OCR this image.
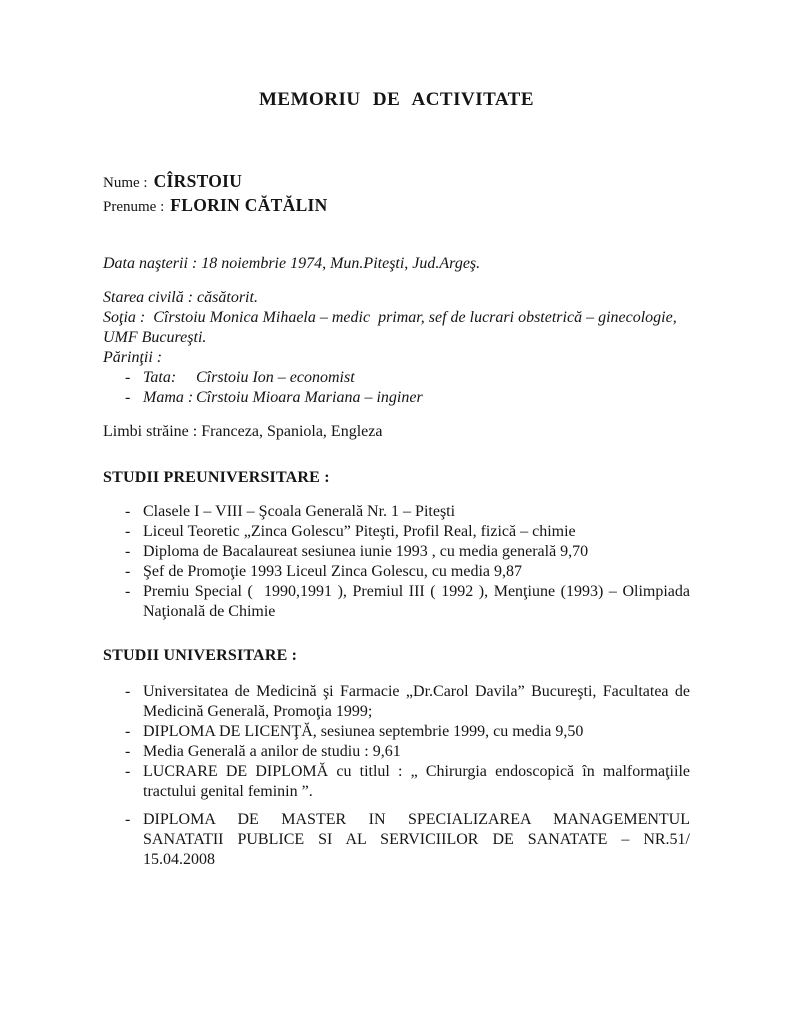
MEMORIU DE ACTIVITATE
Nume : CÎRSTOIU
Prenume : FLORIN CĂTĂLIN
Data naşterii : 18 noiembrie 1974, Mun.Piteşti, Jud.Argeş.
Starea civilă : căsătorit.
Soţia :  Cîrstoiu Monica Mihaela – medic  primar, sef de lucrari obstetrică – ginecologie,
UMF Bucureşti.
Părinţii :
- Tata:	Cîrstoiu Ion – economist
- Mama : Cîrstoiu Mioara Mariana – inginer
Limbi străine : Franceza, Spaniola, Engleza
STUDII PREUNIVERSITARE :
- Clasele I – VIII – Şcoala Generală Nr. 1 – Piteşti
- Liceul Teoretic „Zinca Golescu” Piteşti, Profil Real, fizică – chimie
- Diploma de Bacalaureat sesiunea iunie 1993 , cu media generală 9,70
- Şef de Promoţie 1993 Liceul Zinca Golescu, cu media 9,87
- Premiu Special (  1990,1991 ), Premiul III ( 1992 ), Menţiune (1993) – Olimpiada
Naţională de Chimie
STUDII UNIVERSITARE :
- Universitatea de Medicină şi Farmacie „Dr.Carol Davila” Bucureşti, Facultatea de
Medicină Generală, Promoţia 1999;
- DIPLOMA DE LICENŢĂ, sesiunea septembrie 1999, cu media 9,50
- Media Generală a anilor de studiu : 9,61
- LUCRARE DE DIPLOMĂ cu titlul : „ Chirurgia endoscopică în malformaţiile
tractului genital feminin ”.
- DIPLOMA DE MASTER IN SPECIALIZAREA MANAGEMENTUL
SANATATII PUBLICE SI AL SERVICIILOR DE SANATATE – NR.51/
15.04.2008
